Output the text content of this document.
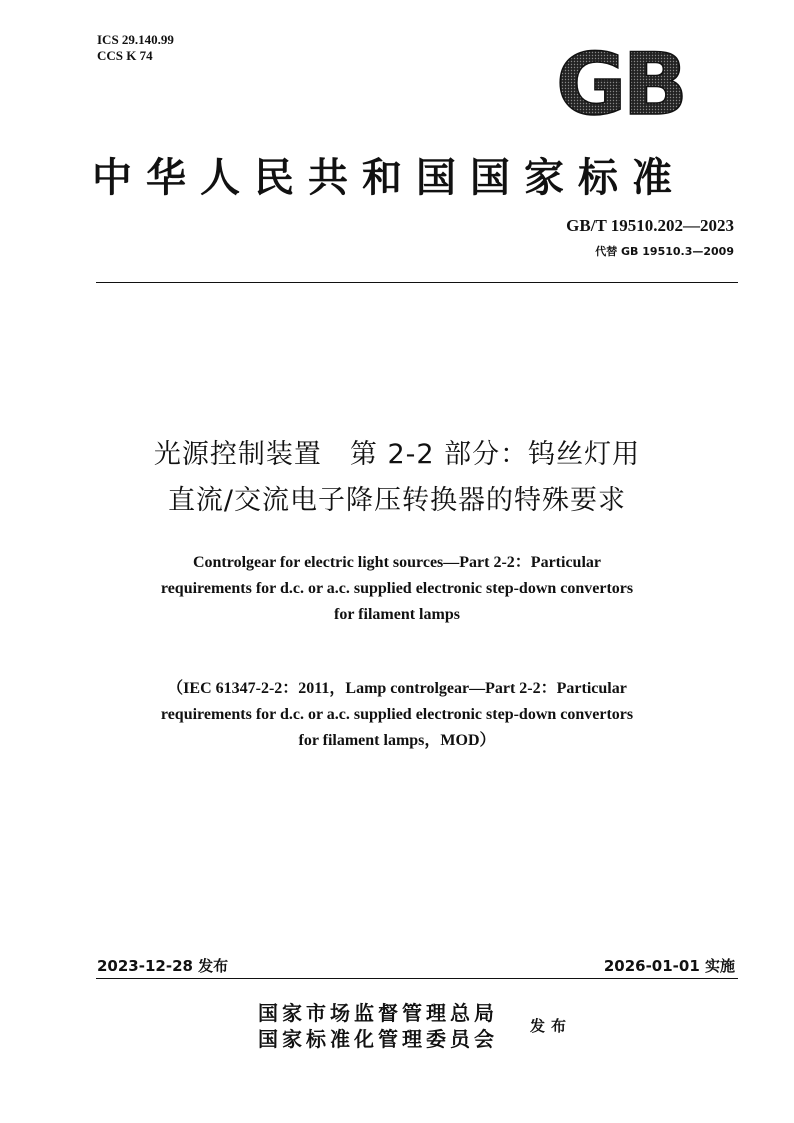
ICS 29.140.99
CCS K 74	GB
中华人民共和国国家标准
GB/T 19510.202—2023
代替 GB 19510.3—2009
光源控制装置　第 2-2 部分：钨丝灯用
直流/交流电子降压转换器的特殊要求
Controlgear for electric light sources—Part 2-2：Particular
requirements for d.c. or a.c. supplied electronic step-down convertors
for filament lamps
（IEC 61347-2-2：2011，Lamp controlgear—Part 2-2：Particular
requirements for d.c. or a.c. supplied electronic step-down convertors
for filament lamps，MOD）
2023-12-28 发布	2026-01-01 实施
国家市场监督管理总局
国家标准化管理委员会
发布
